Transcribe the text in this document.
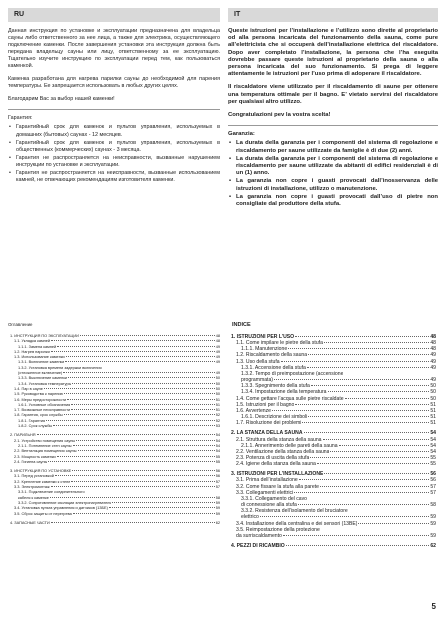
RU

Данная инструкция по установке и эксплуатации предназначена для владельца сауны либо ответственного за нее лица, а также для электрика, осуществляющего подключение каменки. После завершения установки эта инструкция должна быть передана владельцу сауны или лицу, ответственному за ее эксплуатацию. Тщательно изучите инструкцию по эксплуатации перед тем, как пользоваться каменкой.

Каменка разработана для нагрева парилки сауны до необходимой для парения температуры. Ее запрещается использовать в любых других целях.

Благодарим Вас за выбор нашей каменки!

Гарантия:

• Гарантийный срок для каменок и пультов управления, используемых в домашних (бытовых) саунах - 12 месяцев.
• Гарантийный срок для каменок и пультов управления, используемых в общественных (коммерческих) саунах - 3 месяца.
• Гарантия не распространяется на неисправности, вызванные нарушением инструкции по установке и эксплуатации.
• Гарантия не распространяется на неисправности, вызванные использованием камней, не отвечающих рекомендациям изготовителя каменки.
IT

Queste istruzioni per l’installazione e l’utilizzo sono dirette al proprietario od alla persona incaricata del funzionamento della sauna, come pure all’elettricista che si occuperà dell’installazione elettrica del riscaldatore. Dopo aver completato l’installazione, la persona che l’ha eseguita dovrebbe passare queste istruzioni al proprietario della sauna o alla persona incaricata del suo funzionamento. Si prega di leggere attentamente le istruzioni per l’uso prima di adoperare il riscaldatore.

Il riscaldatore viene utilizzato per il riscaldamento di saune per ottenere una temperatura ottimale per il bagno. E’ vietato servirsi del riscaldatore per qualsiasi altro utilizzo.

Congratulazioni pev la vostra scelta!

Garanzia:

• La durata della garanzia per i componenti del sistema di regolazione e riscaldamento per saune utilizzate da famiglie è di due (2) anni.
• La durata della garanzia per i componenti del sistema di regolazione e riscaldamento per saune utilizzate da abitanti di edifici residenziali è di un (1) anno.
• La garanzia non copre i guasti provocati dall’inosservanza delle istruzioni di installazione, utilizzo o manutenzione.
• La garanzia non copre i guasti provocati dall’uso di pietre non consigliate dal produttore della stufa.
Оглавление	INDICE
1. ИНСТРУКЦИЯ ПО ЭКСПЛУАТАЦИИ	48
1.1. Укладка камней	48
1.1.1. Замена камней	49
1.2. Нагрев парилки	49
1.3. Использование каменки	49
1.3.1. Включение каменки	49
1.3.2. Установка времени задержки включения
(отложенное включение)	49
1.3.3. Выключение каменки	50
1.3.4. Установка температуры	50
1.4. Пар в сауне	50
1.5. Руководства к парению	50
1.6. Меры предосторожности	51
1.6.1. Условные обозначения	51
1.7. Возможные неисправности	51
1.8. Гарантия, срок службы	52
1.8.1. Гарантия	52
1.8.2. Срок службы	53
2. ПАРИЛЬНЯ	54
2.1. Устройство помещения сауны	54
2.1.1. Потемнение стен сауны	54
2.2. Вентиляция помещения сауны	54
2.3. Мощность каменки	55
2.4. Гигиена сауны	55
3. ИНСТРУКЦИЯ ПО УСТАНОВКЕ	56
3.1. Перед установкой	56
3.2. Крепление каменки к стене	57
3.3. Электромонтаж	57
3.3.1. Подключение соединительного
кабеля к каменке	58
3.3.2. Сопротивление изоляции электронагревателя	59
3.4. Установка пульта управления и датчиков (13БЕ)	59
3.5. Сброс защиты от перегрева	59
4. ЗАПАСНЫЕ ЧАСТИ	62
1. ISTRUZIONI PER L’USO	48
1.1. Come impilare le pietre della stufa	48
1.1.1. Manutenzione	48
1.2. Riscaldamento della sauna	49
1.3. Uso della stufa	49
1.3.1. Accensione della stufa	49
1.3.2. Tempo di preimpostazione (accensione
programmata)	49
1.3.3. Spegnimento della stufa	50
1.3.4. Impostazione della temperatura	50
1.4. Come gettare l’acqua sulle pietre riscaldate	50
1.5. Istruzioni per il bagno	51
1.6. Avvertenze	51
1.6.1. Descrizione dei simboli	51
1.7. Risoluzione dei problemi	51
2. LA STANZA DELLA SAUNA	54
2.1. Struttura della stanza della sauna	54
2.1.1. Annerimento delle pareti della sauna	54
2.2. Ventilazione della stanza della sauna	54
2.3. Potenza di uscita della stufa	55
2.4. Igiene della stanza della sauna	55
3. ISTRUZIONI PER L’INSTALLAZIONE	56
3.1. Prima dell’installazione	56
3.2. Come fissare la stufa alla parete	57
3.3. Collegamenti elettrici	57
3.3.1. Collegamento del cavo
di connessione alla stufa	58
3.3.2. Resistenza dell’isolamento del bruciatore
elettrico	59
3.4. Installazione della centralina e dei sensori (13BE)	59
3.5. Reimpostazione della protezione
da surriscaldamento	59
4. PEZZI DI RICAMBIO	62
5
